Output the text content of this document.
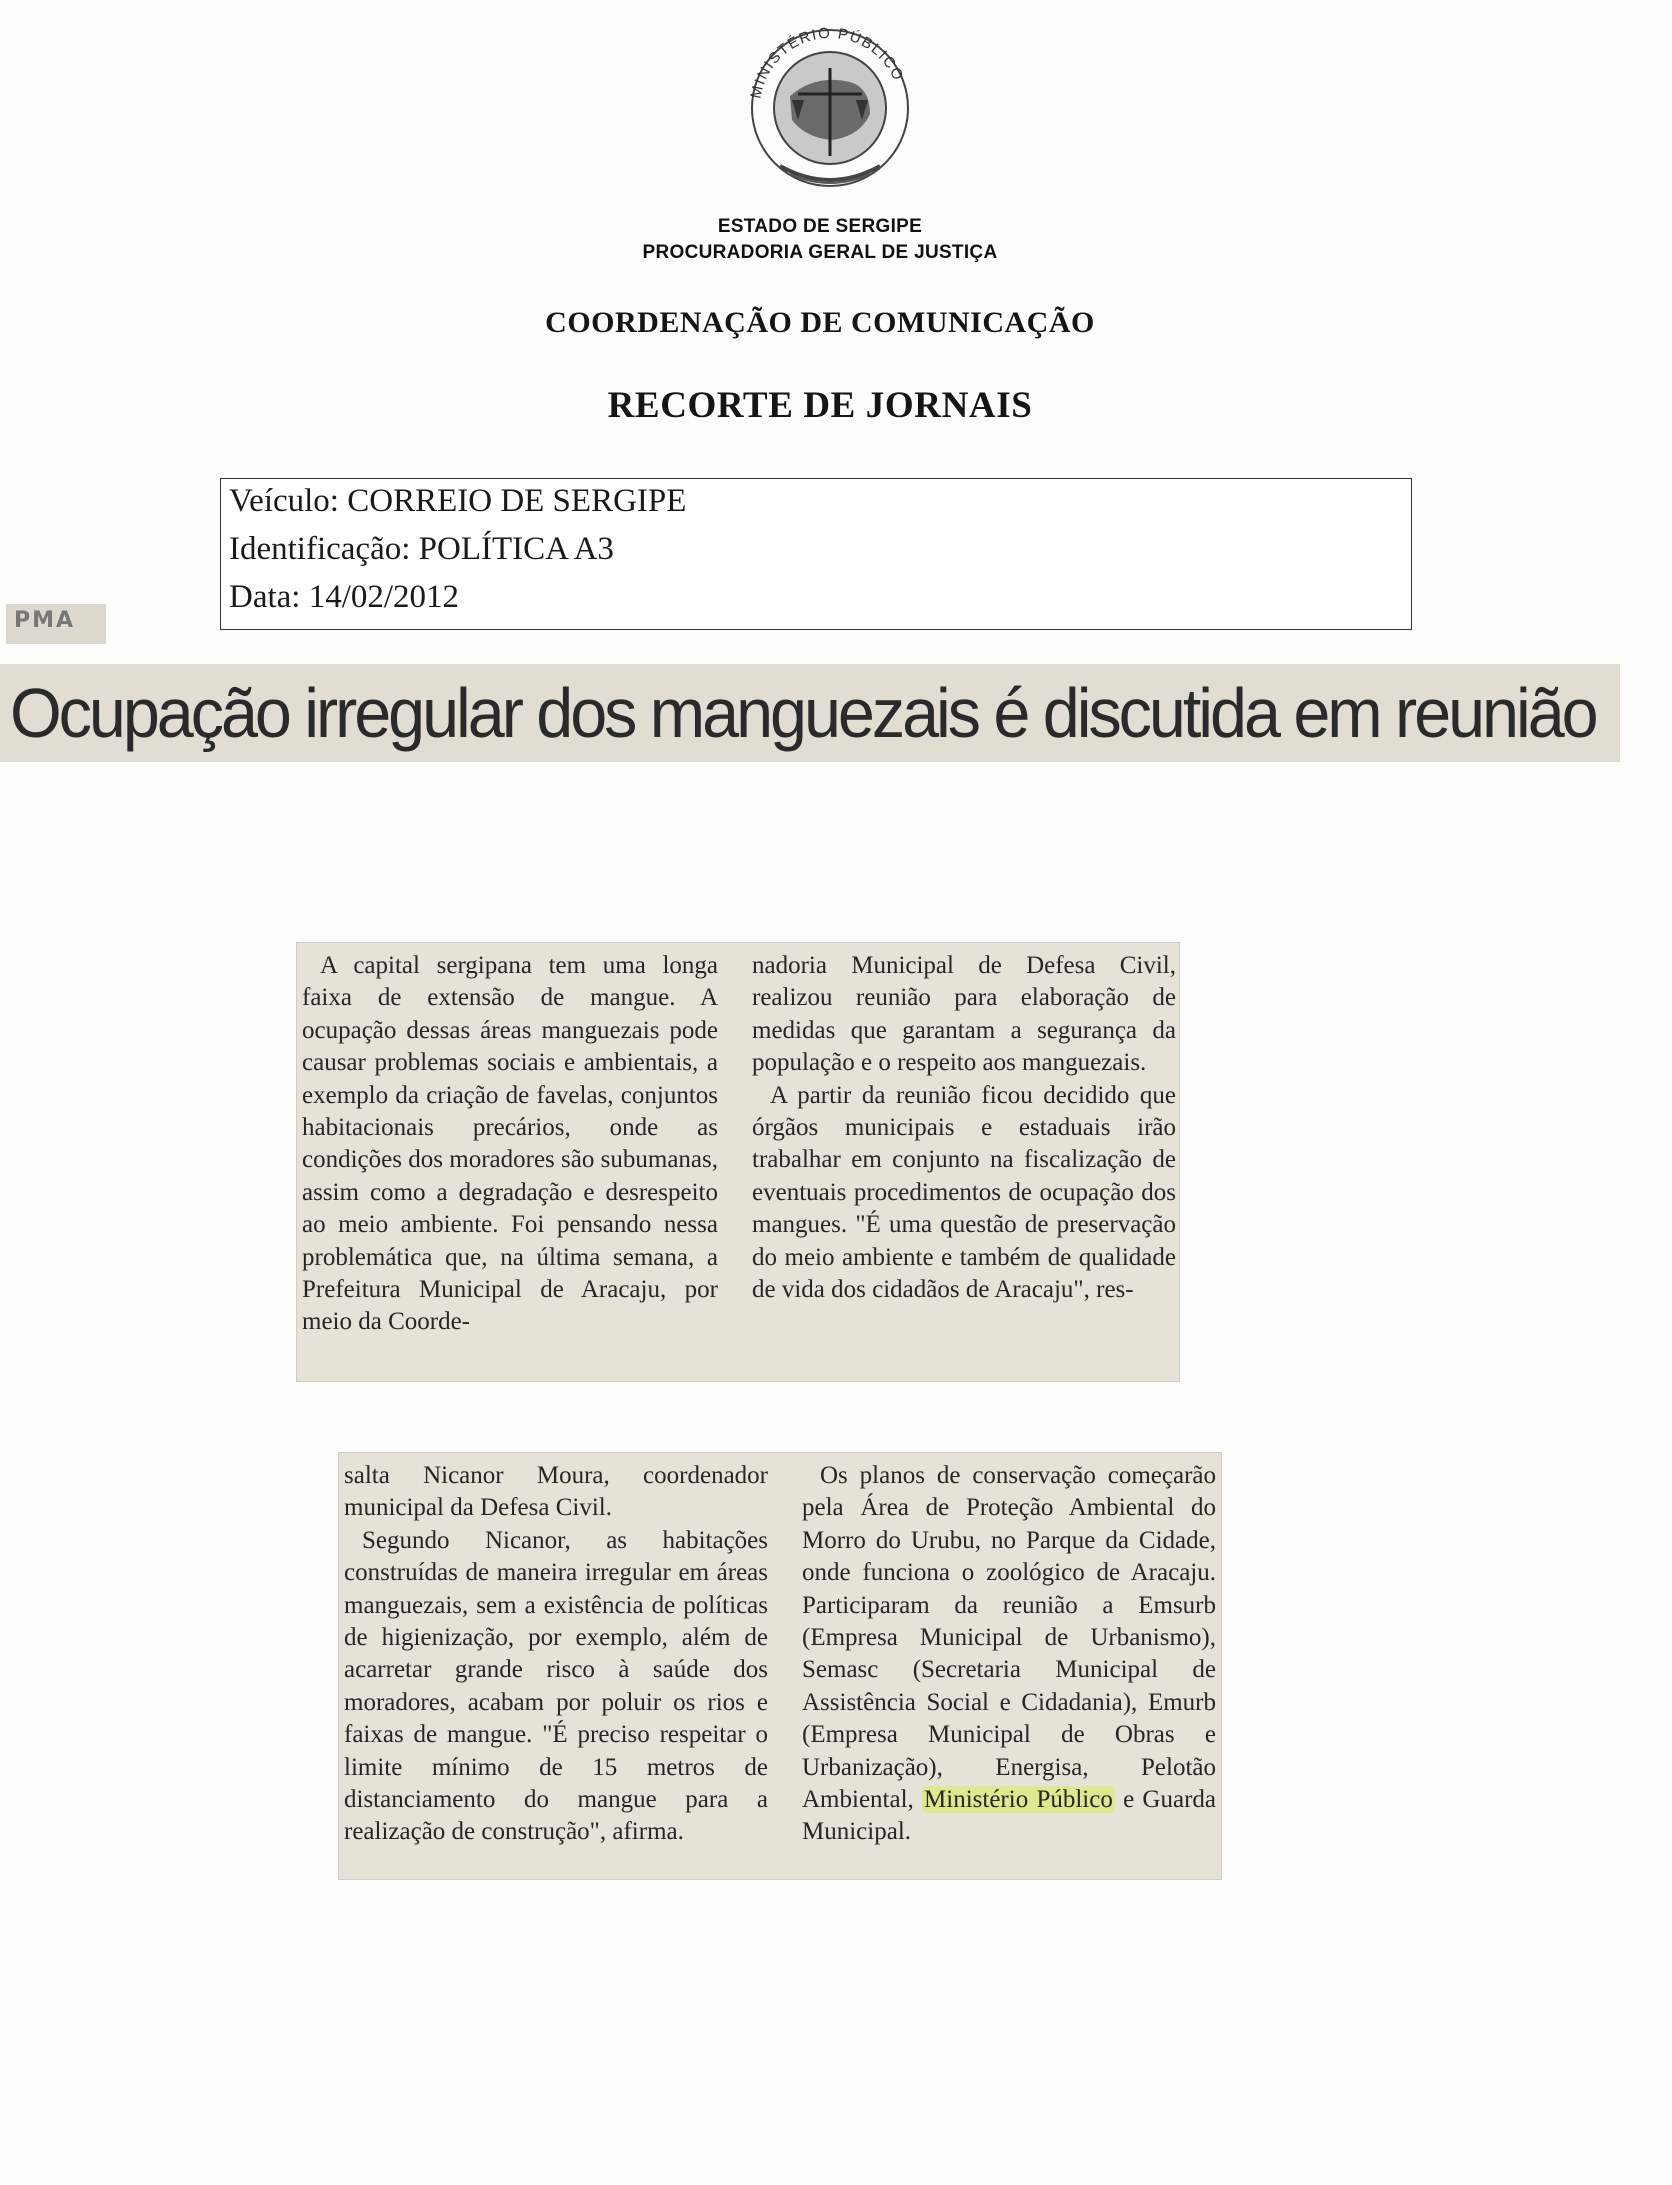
MINISTÉRIO PÚBLICO
ESTADO DE SERGIPE
PROCURADORIA GERAL DE JUSTIÇA
COORDENAÇÃO DE COMUNICAÇÃO
RECORTE DE JORNAIS
Veículo: CORREIO DE SERGIPE
Identificação: POLÍTICA A3
Data: 14/02/2012
PMA
Ocupação irregular dos manguezais é discutida em reunião

A capital sergipana tem uma longa faixa de extensão de mangue. A ocupação dessas áreas manguezais pode causar problemas sociais e ambientais, a exemplo da criação de favelas, conjuntos habitacionais precários, onde as condições dos moradores são subumanas, assim como a degradação e desrespeito ao meio ambiente. Foi pensando nessa problemática que, na última semana, a Prefeitura Municipal de Aracaju, por meio da Coorde-

nadoria Municipal de Defesa Civil, realizou reunião para elaboração de medidas que garantam a segurança da população e o respeito aos manguezais.

A partir da reunião ficou decidido que órgãos municipais e estaduais irão trabalhar em conjunto na fiscalização de eventuais procedimentos de ocupação dos mangues. "É uma questão de preservação do meio ambiente e também de qualidade de vida dos cidadãos de Aracaju", res-

salta Nicanor Moura, coordenador municipal da Defesa Civil.

Segundo Nicanor, as habitações construídas de maneira irregular em áreas manguezais, sem a existência de políticas de higienização, por exemplo, além de acarretar grande risco à saúde dos moradores, acabam por poluir os rios e faixas de mangue. "É preciso respeitar o limite mínimo de 15 metros de distanciamento do mangue para a realização de construção", afirma.

Os planos de conservação começarão pela Área de Proteção Ambiental do Morro do Urubu, no Parque da Cidade, onde funciona o zoológico de Aracaju. Participaram da reunião a Emsurb (Empresa Municipal de Urbanismo), Semasc (Secretaria Municipal de Assistência Social e Cidadania), Emurb (Empresa Municipal de Obras e Urbanização), Energisa, Pelotão Ambiental, Ministério Público e Guarda Municipal.
